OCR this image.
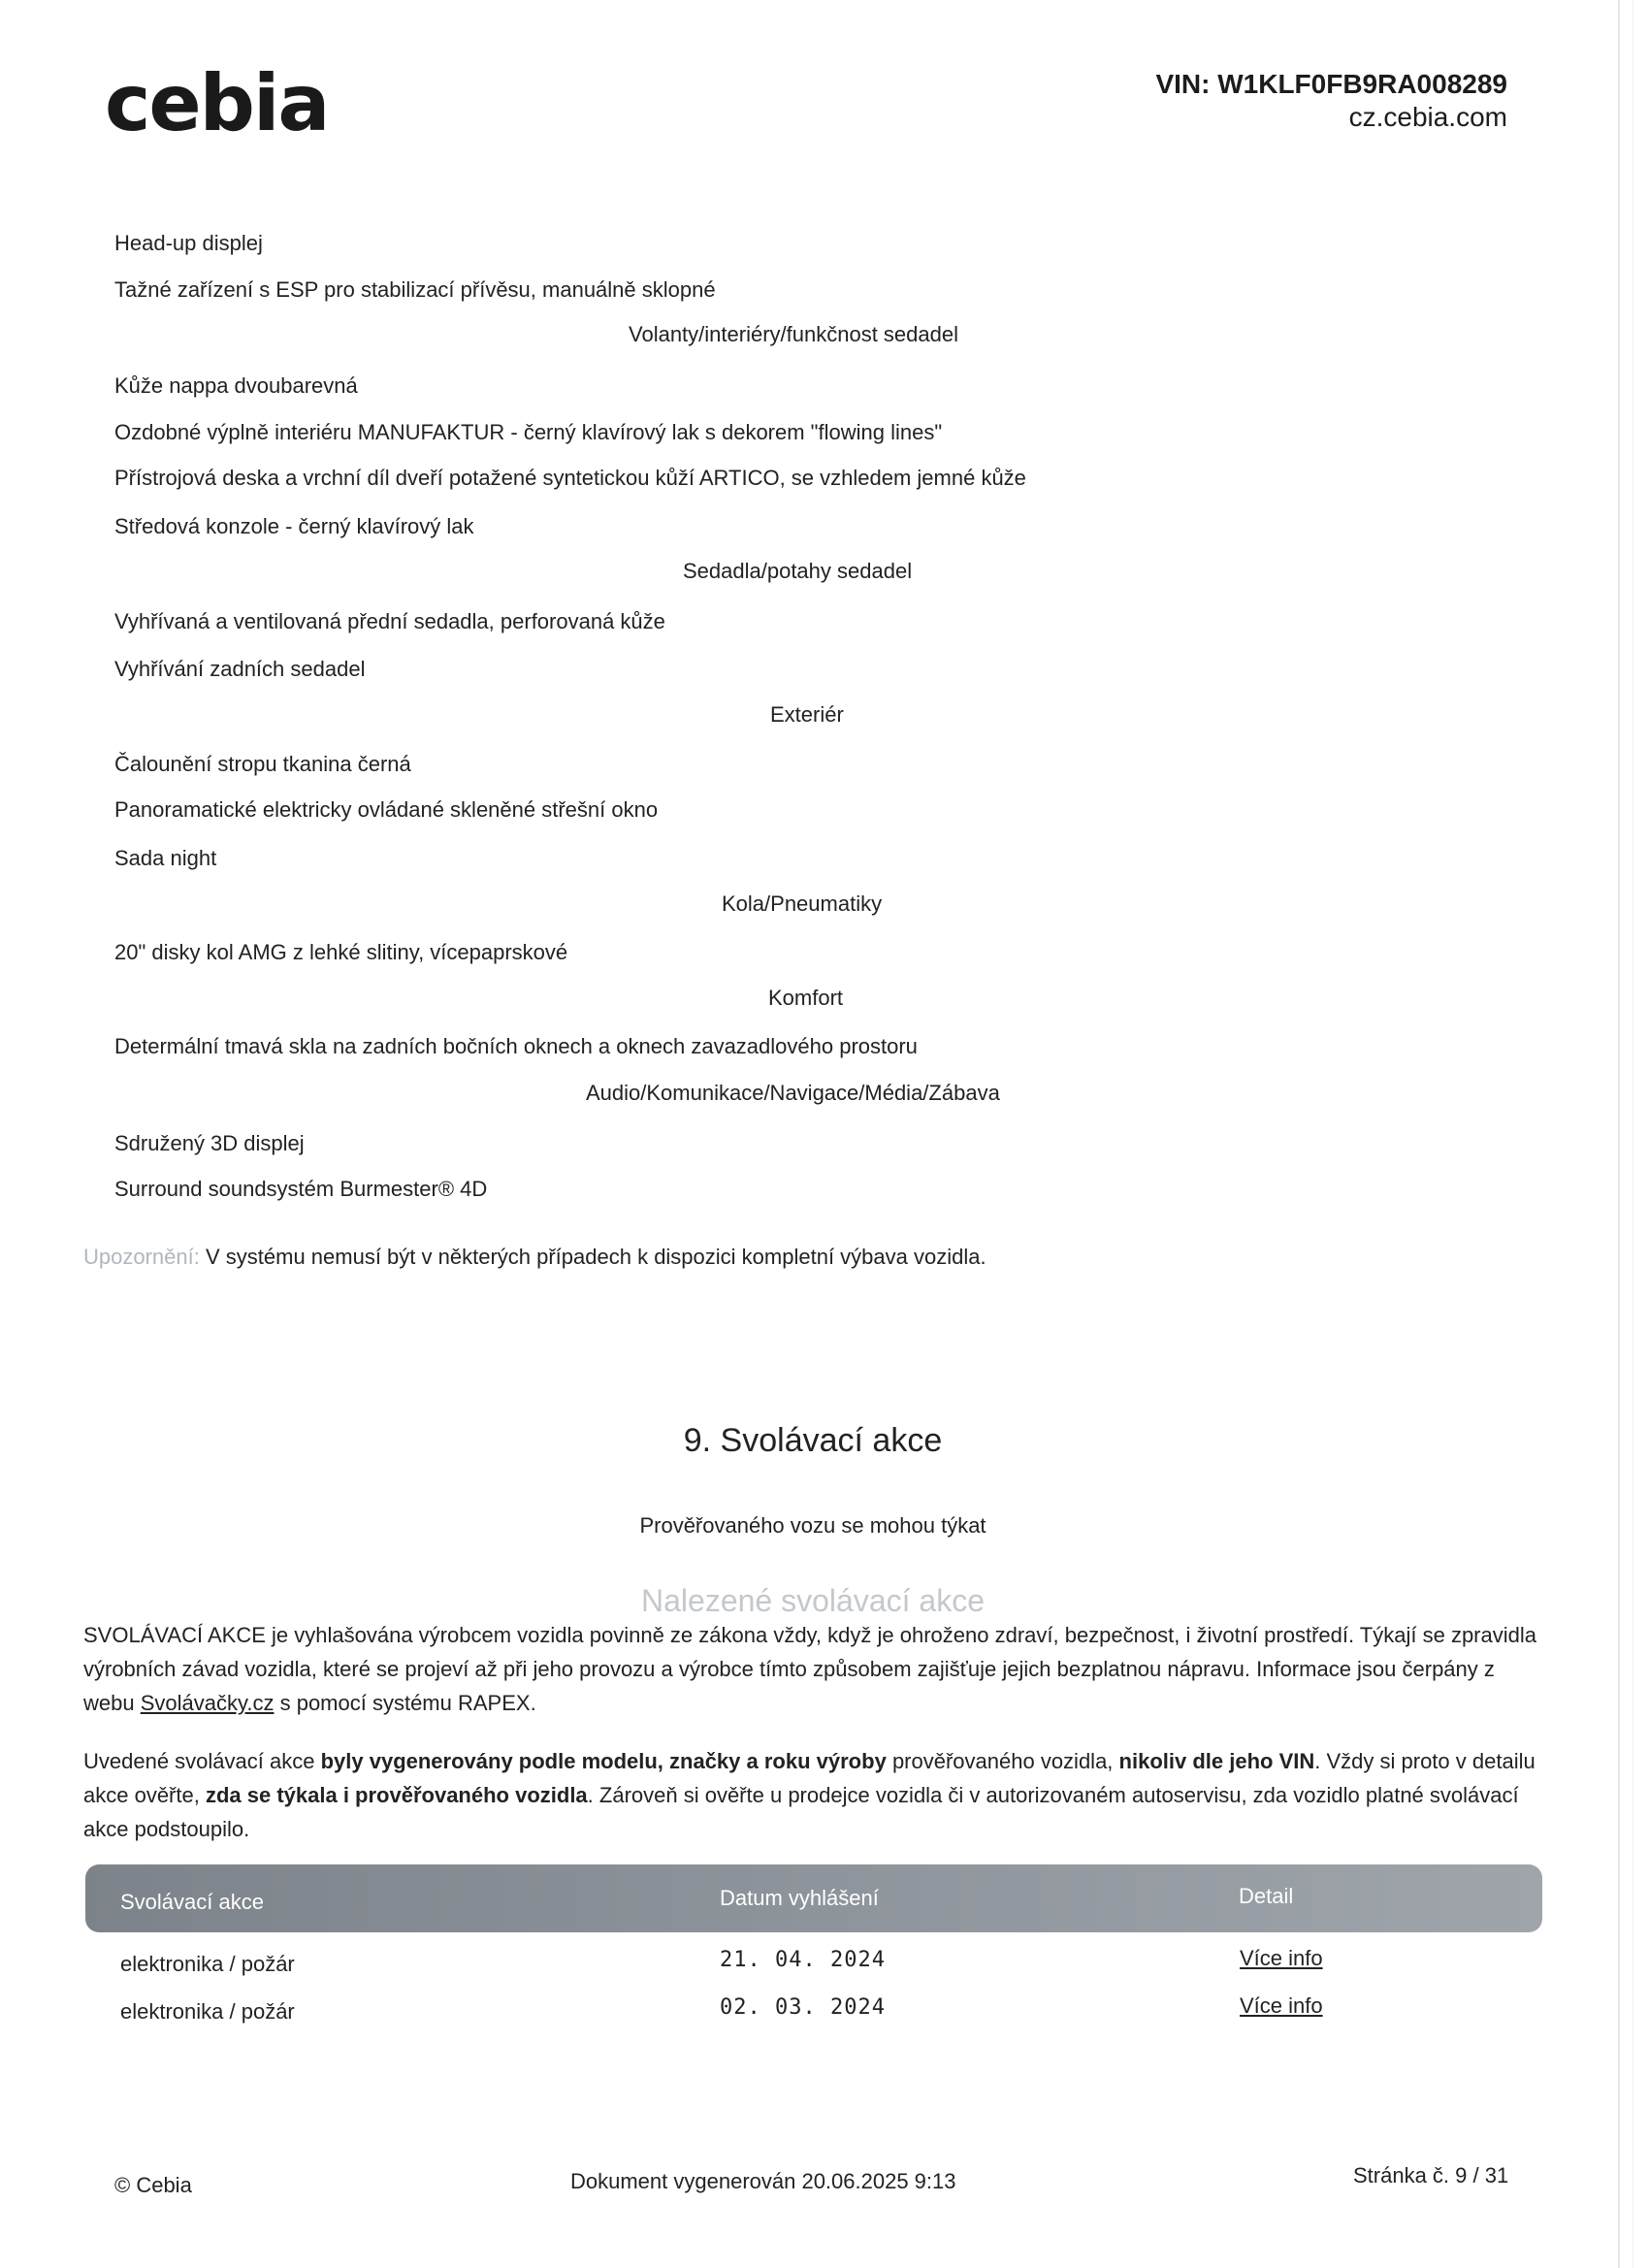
cebia	VIN: W1KLF0FB9RA008289
cz.cebia.com
Head-up displej
Tažné zařízení s ESP pro stabilizací přívěsu, manuálně sklopné
Volanty/interiéry/funkčnost sedadel
Kůže nappa dvoubarevná
Ozdobné výplně interiéru MANUFAKTUR - černý klavírový lak s dekorem "flowing lines"
Přístrojová deska a vrchní díl dveří potažené syntetickou kůží ARTICO, se vzhledem jemné kůže
Středová konzole - černý klavírový lak
Sedadla/potahy sedadel
Vyhřívaná a ventilovaná přední sedadla, perforovaná kůže
Vyhřívání zadních sedadel
Exteriér
Čalounění stropu tkanina černá
Panoramatické elektricky ovládané skleněné střešní okno
Sada night
Kola/Pneumatiky
20" disky kol AMG z lehké slitiny, vícepaprskové
Komfort
Determální tmavá skla na zadních bočních oknech a oknech zavazadlového prostoru
Audio/Komunikace/Navigace/Média/Zábava
Sdružený 3D displej
Surround soundsystém Burmester® 4D
Upozornění: V systému nemusí být v některých případech k dispozici kompletní výbava vozidla.
9. Svolávací akce
Prověřovaného vozu se mohou týkat
Nalezené svolávací akce
SVOLÁVACÍ AKCE je vyhlašována výrobcem vozidla povinně ze zákona vždy, když je ohroženo zdraví, bezpečnost, i životní prostředí. Týkají se zpravidla výrobních závad vozidla, které se projeví až při jeho provozu a výrobce tímto způsobem zajišťuje jejich bezplatnou nápravu. Informace jsou čerpány z webu Svolávačky.cz s pomocí systému RAPEX.
Uvedené svolávací akce byly vygenerovány podle modelu, značky a roku výroby prověřovaného vozidla, nikoliv dle jeho VIN. Vždy si proto v detailu akce ověřte, zda se týkala i prověřovaného vozidla. Zároveň si ověřte u prodejce vozidla či v autorizovaném autoservisu, zda vozidlo platné svolávací akce podstoupilo.
Svolávací akce	Datum vyhlášení	Detail
elektronika / požár	21. 04. 2024	Více info
elektronika / požár	02. 03. 2024	Více info
© Cebia	Dokument vygenerován 20.06.2025 9:13	Stránka č. 9 / 31
